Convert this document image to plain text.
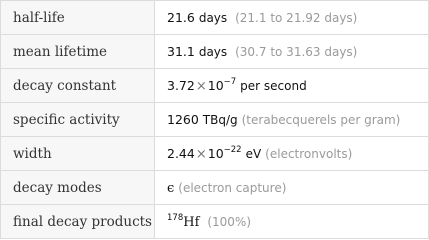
half-life	21.6 days (21.1 to 21.92 days)
mean lifetime	31.1 days (30.7 to 31.63 days)
decay constant	$3.72\times 10^{-7}$ per second
specific activity	1260 TBq/g (terabecquerels per gram)
width	$2.44\times 10^{-22}$ eV (electronvolts)
decay modes	ϵ (electron capture)
final decay products	$^{178}$Hf (100%)
